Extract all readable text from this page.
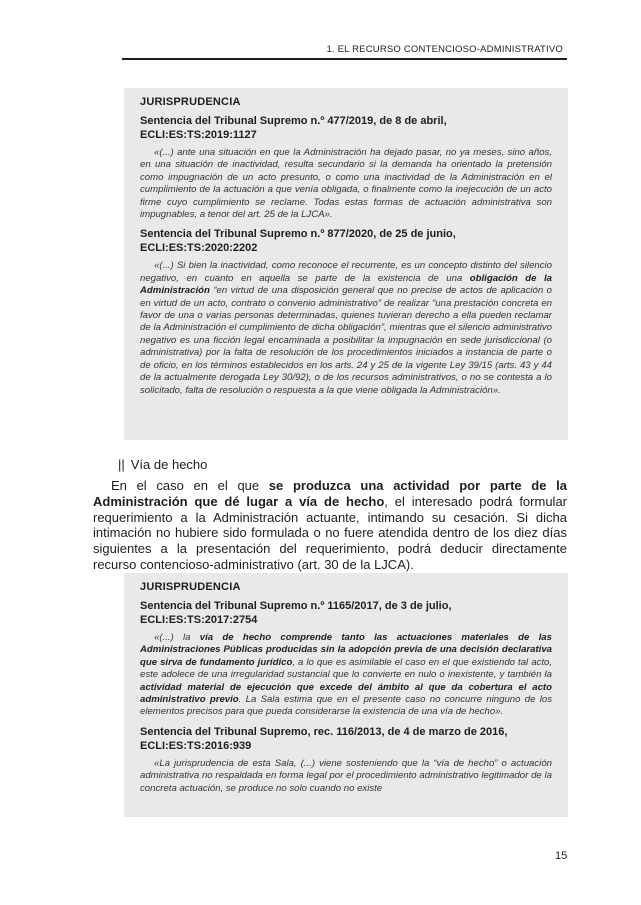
1. EL RECURSO CONTENCIOSO-ADMINISTRATIVO
JURISPRUDENCIA
Sentencia del Tribunal Supremo n.º 477/2019, de 8 de abril,
ECLI:ES:TS:2019:1127

«(...) ante una situación en que la Administración ha dejado pasar, no ya meses, sino años, en una situación de inactividad, resulta secundario si la demanda ha orientado la pretensión como impugnación de un acto presunto, o como una inactividad de la Administración en el cumplimiento de la actuación a que venía obligada, o finalmente como la inejecución de un acto firme cuyo cumplimiento se reclame. Todas estas formas de actuación administrativa son impugnables, a tenor del art. 25 de la LJCA».

Sentencia del Tribunal Supremo n.º 877/2020, de 25 de junio,
ECLI:ES:TS:2020:2202

«(...) Si bien la inactividad, como reconoce el recurrente, es un concepto distinto del silencio negativo, en cuanto en aquella se parte de la existencia de una obligación de la Administración “en virtud de una disposición general que no precise de actos de aplicación o en virtud de un acto, contrato o convenio administrativo” de realizar “una prestación concreta en favor de una o varias personas determinadas, quienes tuvieran derecho a ella pueden reclamar de la Administración el cumplimiento de dicha obligación”, mientras que el silencio administrativo negativo es una ficción legal encaminada a posibilitar la impugnación en sede jurisdiccional (o administrativa) por la falta de resolución de los procedimientos iniciados a instancia de parte o de oficio, en los términos establecidos en los arts. 24 y 25 de la vigente Ley 39/15 (arts. 43 y 44 de la actualmente derogada Ley 30/92), o de los recursos administrativos, o no se contesta a lo solicitado, falta de resolución o respuesta a la que viene obligada la Administración».

|| Vía de hecho

En el caso en el que se produzca una actividad por parte de la Administración que dé lugar a vía de hecho, el interesado podrá formular requerimiento a la Administración actuante, intimando su cesación. Si dicha intimación no hubiere sido formulada o no fuere atendida dentro de los diez días siguientes a la presentación del requerimiento, podrá deducir directamente recurso contencioso-administrativo (art. 30 de la LJCA).

JURISPRUDENCIA
Sentencia del Tribunal Supremo n.º 1165/2017, de 3 de julio,
ECLI:ES:TS:2017:2754

«(...) la vía de hecho comprende tanto las actuaciones materiales de las Administraciones Públicas producidas sin la adopción previa de una decisión declarativa que sirva de fundamento jurídico, a lo que es asimilable el caso en el que existiendo tal acto, este adolece de una irregularidad sustancial que lo convierte en nulo o inexistente, y también la actividad material de ejecución que excede del ámbito al que da cobertura el acto administrativo previo. La Sala estima que en el presente caso no concurre ninguno de los elementos precisos para que pueda considerarse la existencia de una vía de hecho».

Sentencia del Tribunal Supremo, rec. 116/2013, de 4 de marzo de 2016,
ECLI:ES:TS:2016:939

«La jurisprudencia de esta Sala, (...) viene sosteniendo que la “vía de hecho” o actuación administrativa no respaldada en forma legal por el procedimiento administrativo legitimador de la concreta actuación, se produce no solo cuando no existe

15
